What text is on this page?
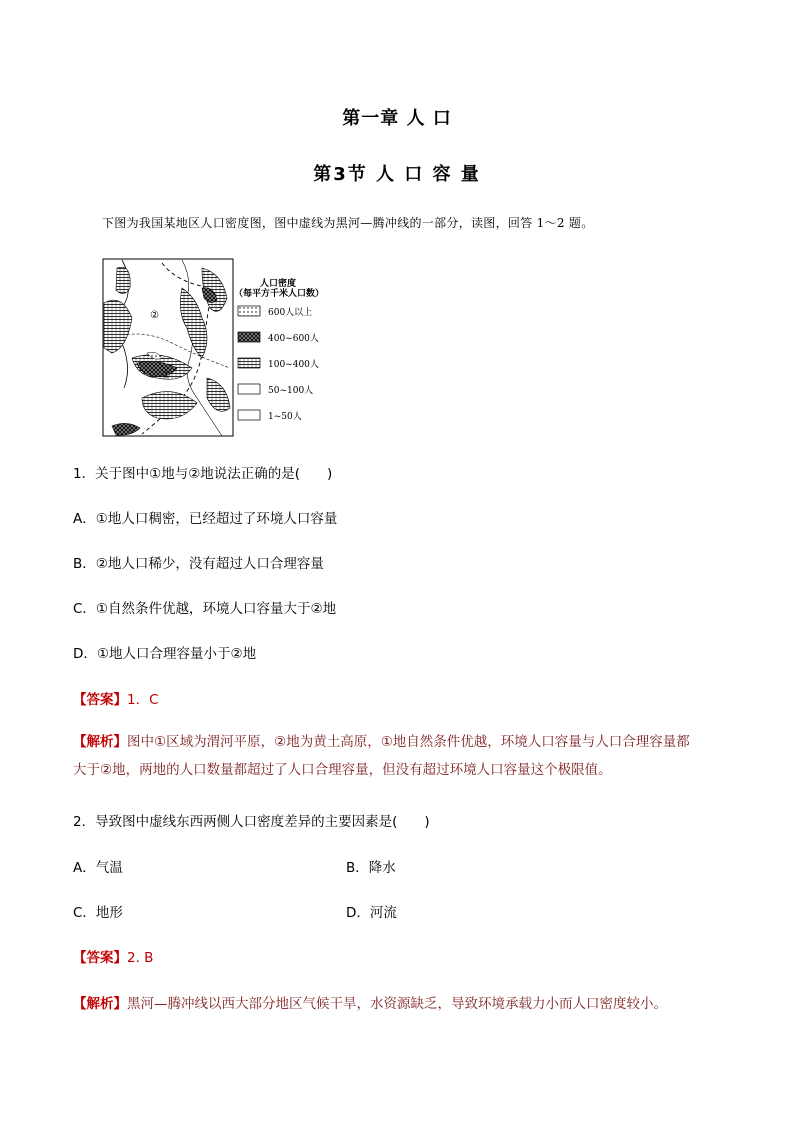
第一章 人 口
第3节 人 口 容 量
下图为我国某地区人口密度图，图中虚线为黑河—腾冲线的一部分，读图，回答 1～2 题。
②
①
人口密度
（每平方千米人口数）
600人以上
400~600人
100~400人
50~100人
1~50人
1．关于图中①地与②地说法正确的是(　　)
A．①地人口稠密，已经超过了环境人口容量
B．②地人口稀少，没有超过人口合理容量
C．①自然条件优越，环境人口容量大于②地
D．①地人口合理容量小于②地
【答案】1．C
【解析】图中①区域为渭河平原，②地为黄土高原，①地自然条件优越，环境人口容量与人口合理容量都
大于②地，两地的人口数量都超过了人口合理容量，但没有超过环境人口容量这个极限值。
2．导致图中虚线东西两侧人口密度差异的主要因素是(　　)
A．气温	B．降水
C．地形	D．河流
【答案】2. B
【解析】黑河—腾冲线以西大部分地区气候干旱，水资源缺乏，导致环境承载力小而人口密度较小。
